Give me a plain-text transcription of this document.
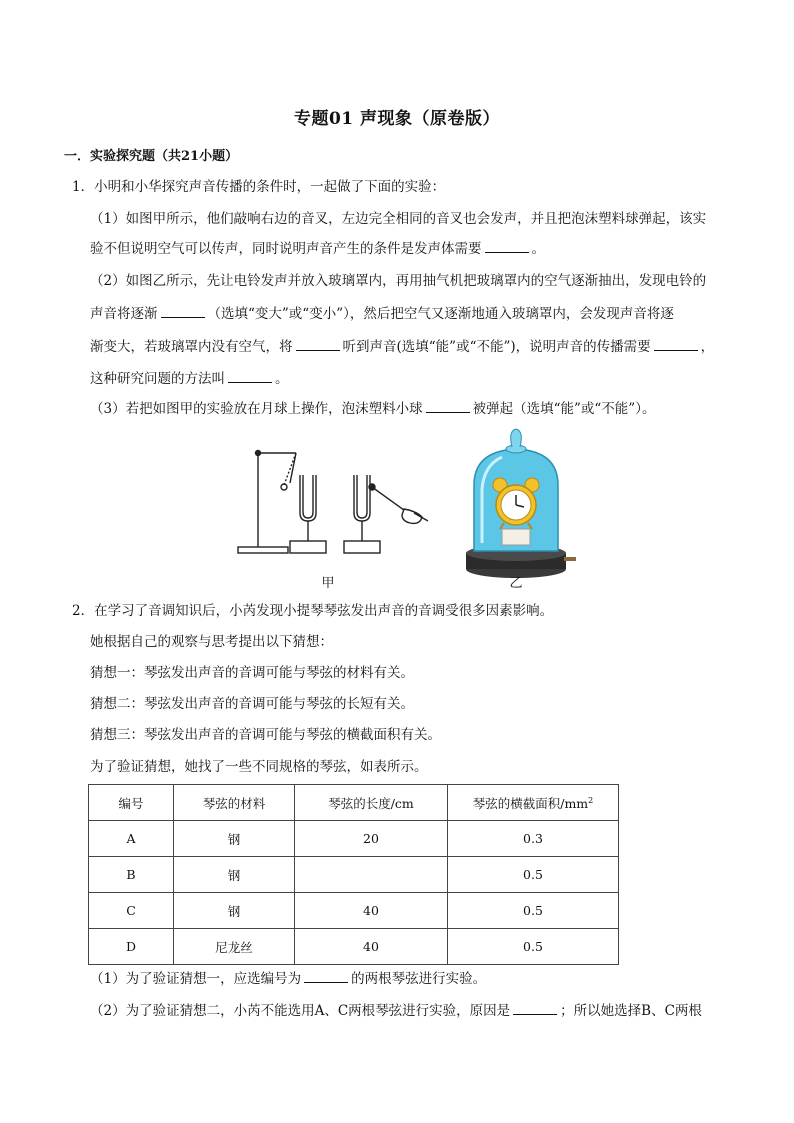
专题01 声现象（原卷版）
一．实验探究题（共21小题）
1．小明和小华探究声音传播的条件时，一起做了下面的实验：
（1）如图甲所示，他们敲响右边的音叉，左边完全相同的音叉也会发声，并且把泡沫塑料球弹起，该实
验不但说明空气可以传声，同时说明声音产生的条件是发声体需要	。
（2）如图乙所示，先让电铃发声并放入玻璃罩内，再用抽气机把玻璃罩内的空气逐渐抽出，发现电铃的
声音将逐渐	（选填“变大”或“变小”），然后把空气又逐渐地通入玻璃罩内，会发现声音将逐
渐变大，若玻璃罩内没有空气，将	听到声音(选填“能”或“不能”)，说明声音的传播需要	，
这种研究问题的方法叫	。
（3）若把如图甲的实验放在月球上操作，泡沫塑料小球	被弹起（选填“能”或“不能”）。
甲	乙
2．在学习了音调知识后，小芮发现小提琴琴弦发出声音的音调受很多因素影响。
她根据自己的观察与思考提出以下猜想：
猜想一：琴弦发出声音的音调可能与琴弦的材料有关。
猜想二：琴弦发出声音的音调可能与琴弦的长短有关。
猜想三：琴弦发出声音的音调可能与琴弦的横截面积有关。
为了验证猜想，她找了一些不同规格的琴弦，如表所示。
编号	琴弦的材料	琴弦的长度/cm	琴弦的横截面积$/mm^2$
A	钢	20	0.3
B	钢		0.5
C	钢	40	0.5
D	尼龙丝	40	0.5
（1）为了验证猜想一，应选编号为	的两根琴弦进行实验。
（2）为了验证猜想二，小芮不能选用A、C两根琴弦进行实验，原因是	；所以她选择B、C两根
